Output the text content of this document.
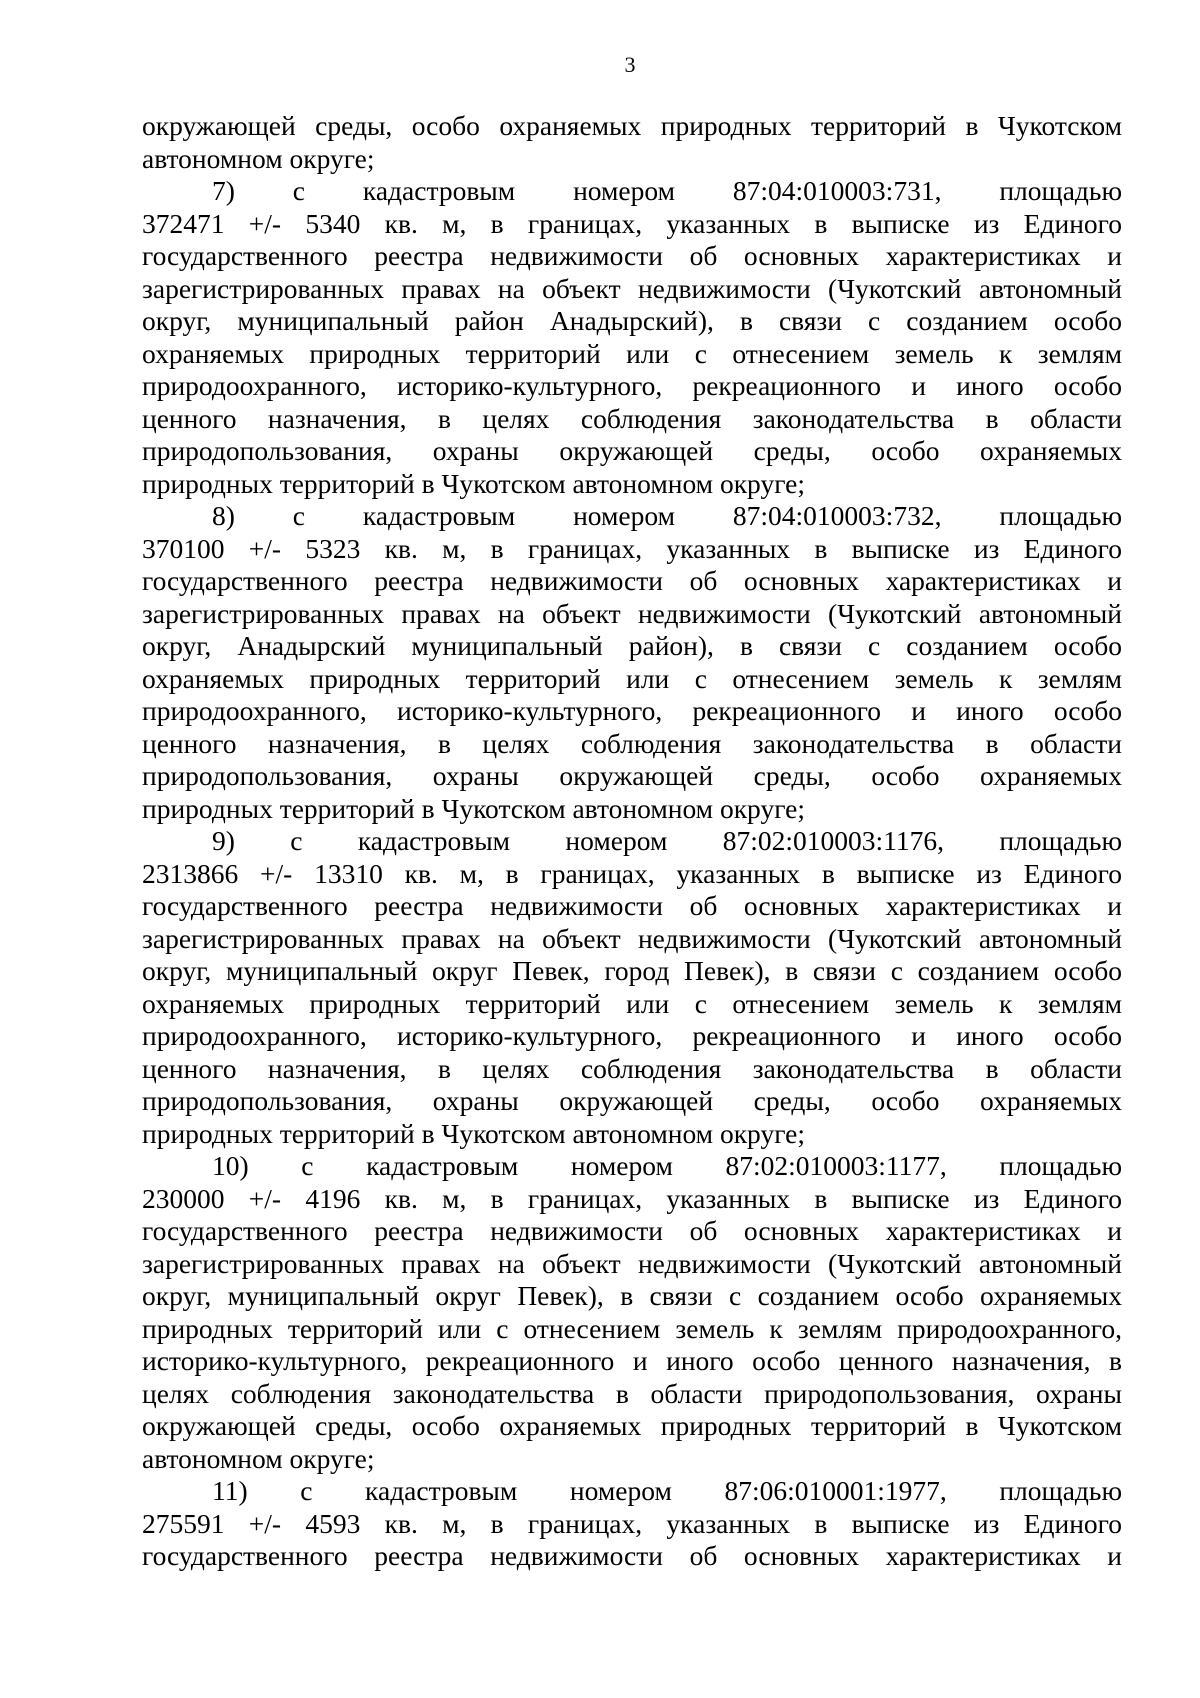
3

окружающей среды, особо охраняемых природных территорий в Чукотском

автономном округе;

7) с кадастровым номером 87:04:010003:731, площадью

372471 +/- 5340 кв. м, в границах, указанных в выписке из Единого

государственного реестра недвижимости об основных характеристиках и

зарегистрированных правах на объект недвижимости (Чукотский автономный

округ, муниципальный район Анадырский), в связи с созданием особо

охраняемых природных территорий или с отнесением земель к землям

природоохранного, историко-культурного, рекреационного и иного особо

ценного назначения, в целях соблюдения законодательства в области

природопользования, охраны окружающей среды, особо охраняемых

природных территорий в Чукотском автономном округе;

8) с кадастровым номером 87:04:010003:732, площадью

370100 +/- 5323 кв. м, в границах, указанных в выписке из Единого

государственного реестра недвижимости об основных характеристиках и

зарегистрированных правах на объект недвижимости (Чукотский автономный

округ, Анадырский муниципальный район), в связи с созданием особо

охраняемых природных территорий или с отнесением земель к землям

природоохранного, историко-культурного, рекреационного и иного особо

ценного назначения, в целях соблюдения законодательства в области

природопользования, охраны окружающей среды, особо охраняемых

природных территорий в Чукотском автономном округе;

9) с кадастровым номером 87:02:010003:1176, площадью

2313866 +/- 13310 кв. м, в границах, указанных в выписке из Единого

государственного реестра недвижимости об основных характеристиках и

зарегистрированных правах на объект недвижимости (Чукотский автономный

округ, муниципальный округ Певек, город Певек), в связи с созданием особо

охраняемых природных территорий или с отнесением земель к землям

природоохранного, историко-культурного, рекреационного и иного особо

ценного назначения, в целях соблюдения законодательства в области

природопользования, охраны окружающей среды, особо охраняемых

природных территорий в Чукотском автономном округе;

10) с кадастровым номером 87:02:010003:1177, площадью

230000 +/- 4196 кв. м, в границах, указанных в выписке из Единого

государственного реестра недвижимости об основных характеристиках и

зарегистрированных правах на объект недвижимости (Чукотский автономный

округ, муниципальный округ Певек), в связи с созданием особо охраняемых

природных территорий или с отнесением земель к землям природоохранного,

историко-культурного, рекреационного и иного особо ценного назначения, в

целях соблюдения законодательства в области природопользования, охраны

окружающей среды, особо охраняемых природных территорий в Чукотском

автономном округе;

11) с кадастровым номером 87:06:010001:1977, площадью

275591 +/- 4593 кв. м, в границах, указанных в выписке из Единого

государственного реестра недвижимости об основных характеристиках и
